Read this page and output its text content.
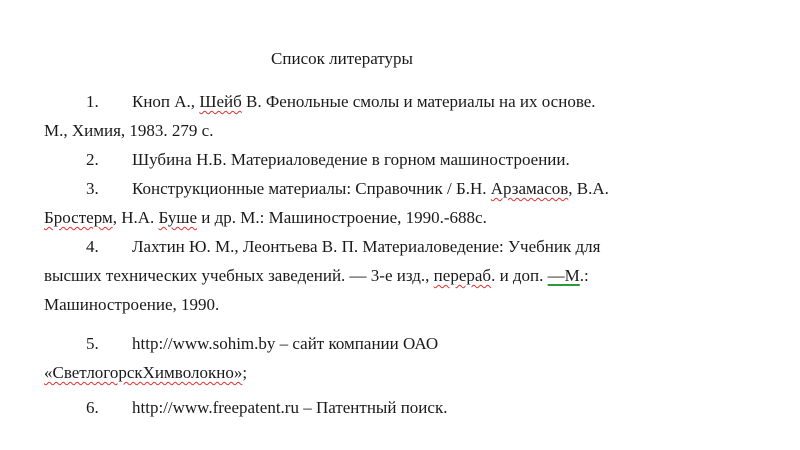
Список литературы
1. Кноп А., Шейб В. Фенольные смолы и материалы на их основе.
М., Химия, 1983. 279 с.
2. Шубина Н.Б. Материаловедение в горном машиностроении.
3. Конструкционные материалы: Справочник / Б.Н. Арзамасов, В.А.
Бростерм, Н.А. Буше и др. М.: Машиностроение, 1990.-688с.
4. Лахтин Ю. М., Леонтьева В. П. Материаловедение: Учебник для
высших технических учебных заведений. — 3-е изд., перераб. и доп. —М.:
Машиностроение, 1990.
5. http://www.sohim.by – сайт компании ОАО
«СветлогорскХимволокно»;
6. http://www.freepatent.ru – Патентный поиск.
